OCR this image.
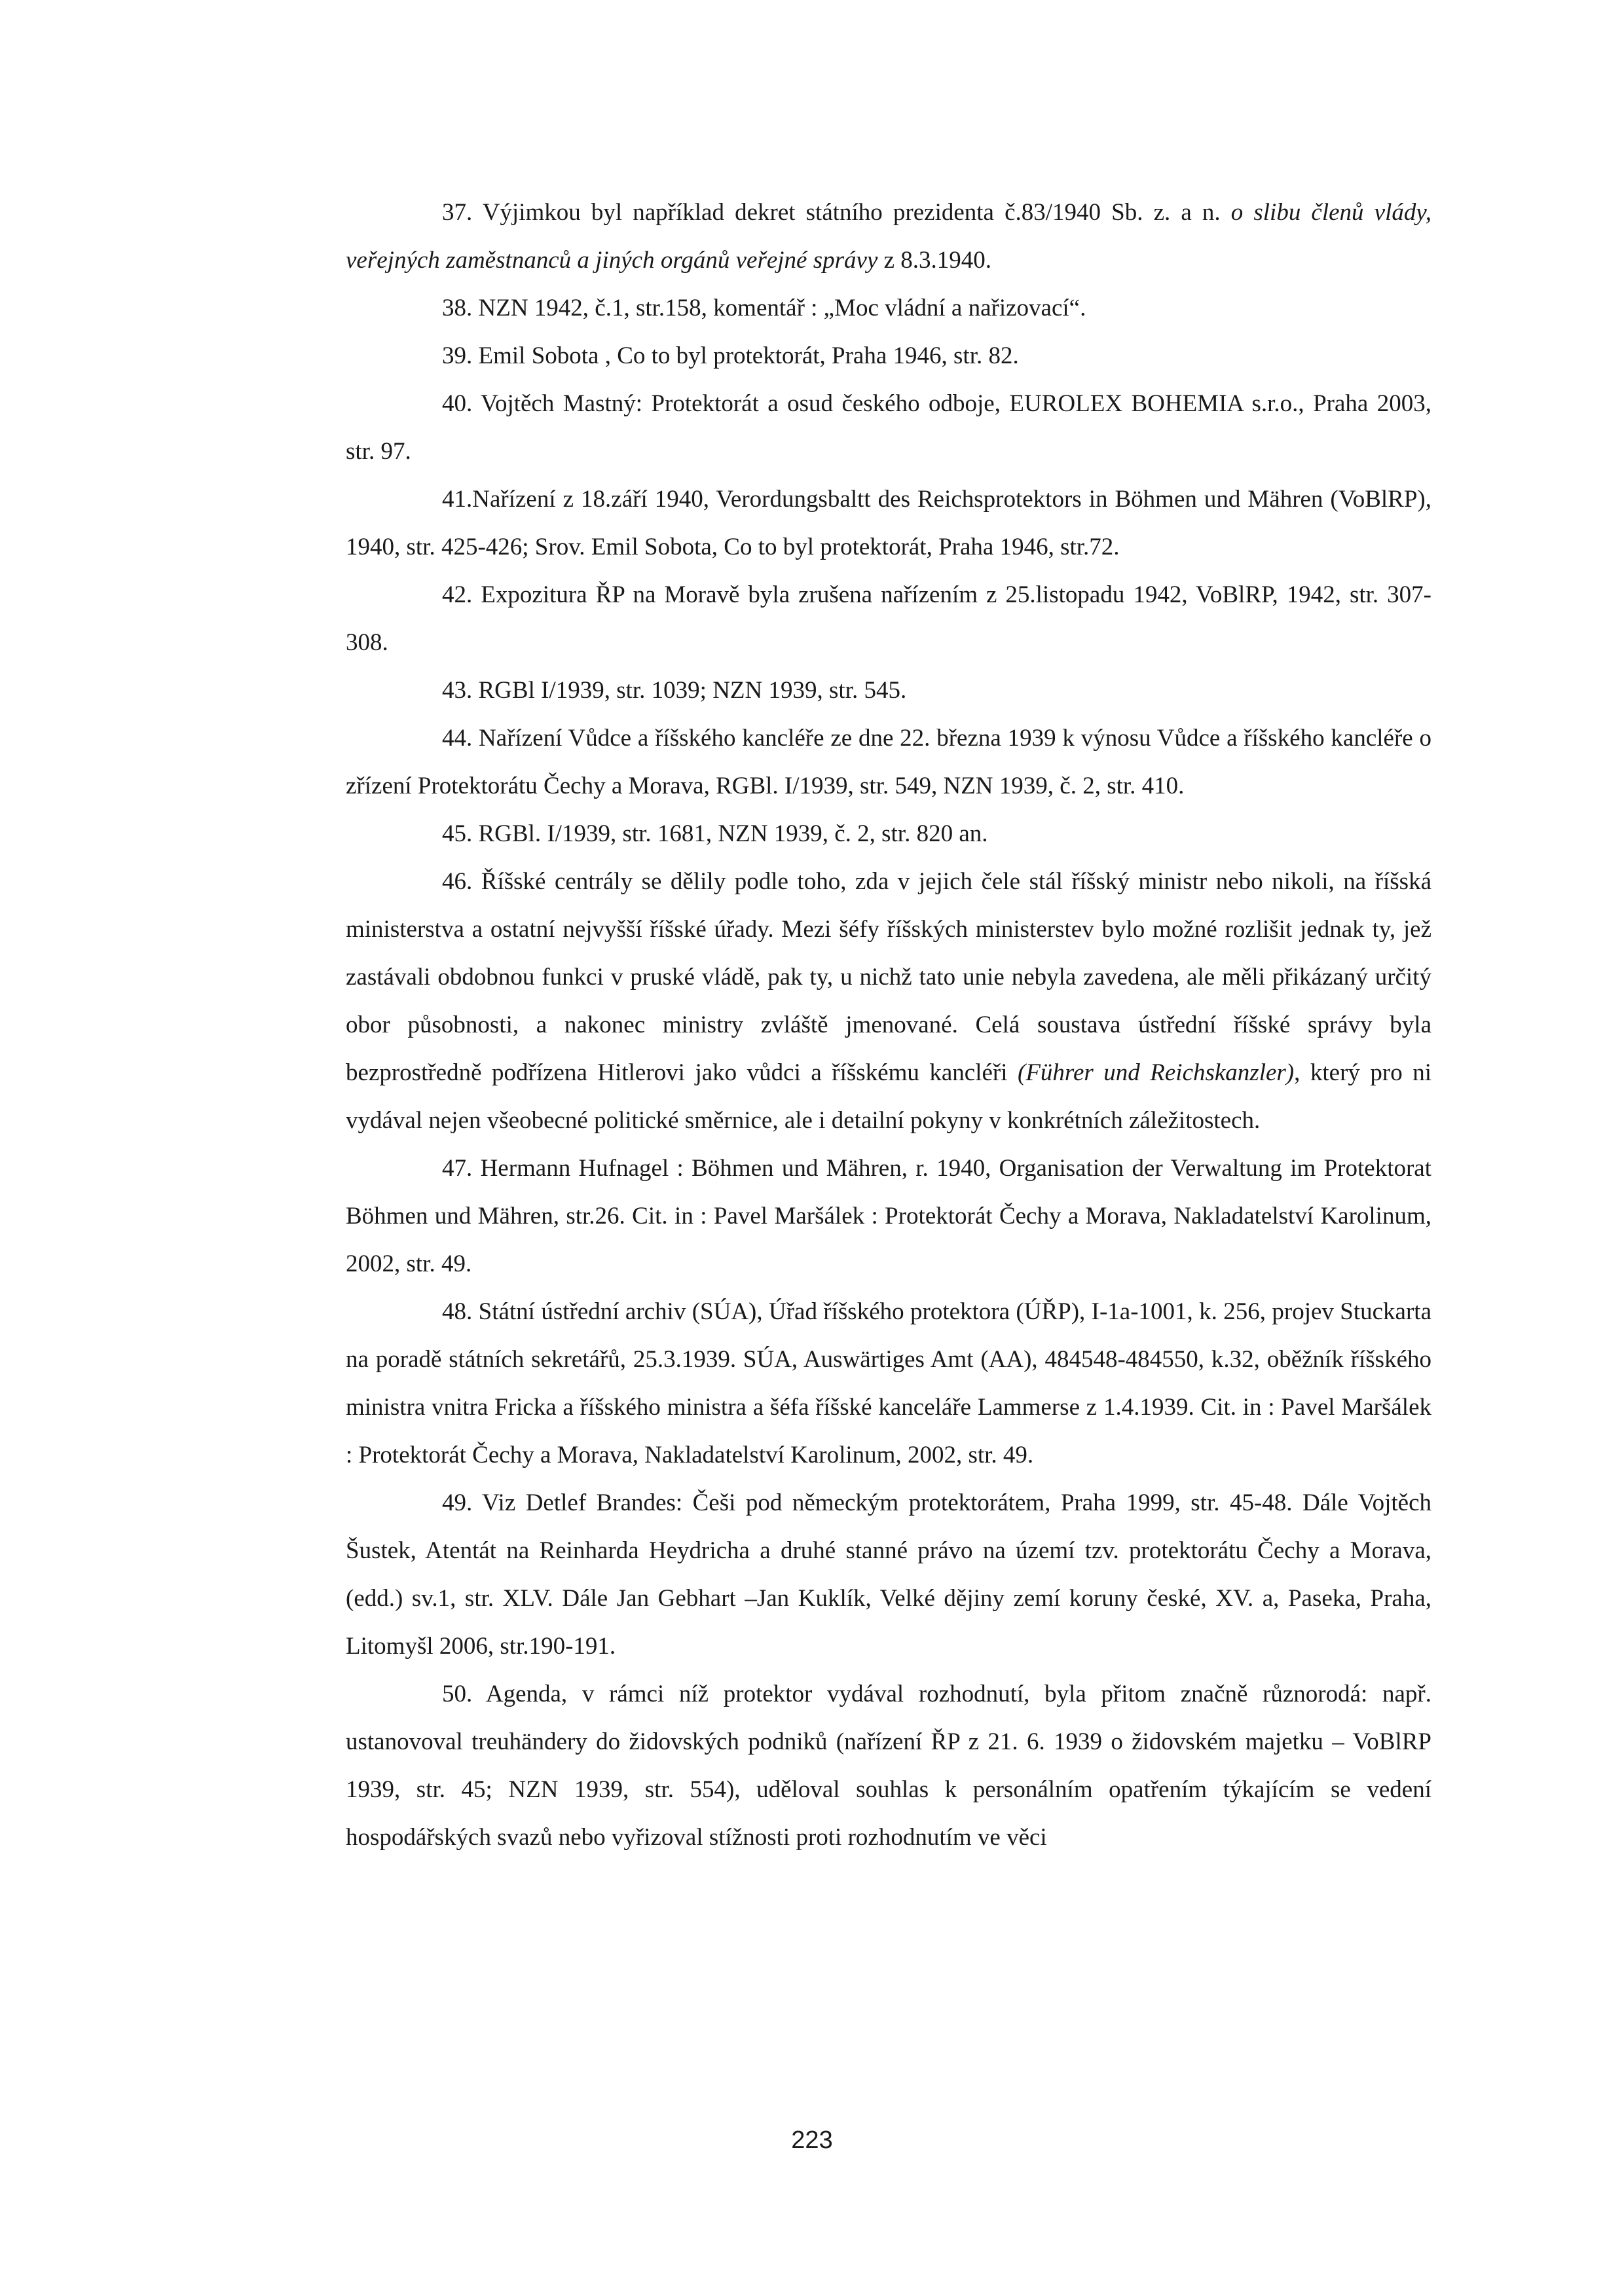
37. Výjimkou byl například dekret státního prezidenta č.83/1940 Sb. z. a n. o slibu členů vlády, veřejných zaměstnanců a jiných orgánů veřejné správy z 8.3.1940.

38. NZN 1942, č.1, str.158, komentář : „Moc vládní a nařizovací“.

39. Emil Sobota , Co to byl protektorát, Praha 1946, str. 82.

40. Vojtěch Mastný: Protektorát a osud českého odboje, EUROLEX BOHEMIA s.r.o., Praha 2003, str. 97.

41.Nařízení z 18.září 1940, Verordungsbaltt des Reichsprotektors in Böhmen und Mähren (VoBlRP), 1940, str. 425-426; Srov. Emil Sobota, Co to byl protektorát, Praha 1946, str.72.

42. Expozitura ŘP na Moravě byla zrušena nařízením z 25.listopadu 1942, VoBlRP, 1942, str. 307-308.

43. RGBl I/1939, str. 1039; NZN 1939, str. 545.

44. Nařízení Vůdce a říšského kancléře ze dne 22. března 1939 k výnosu Vůdce a říšského kancléře o zřízení Protektorátu Čechy a Morava, RGBl. I/1939, str. 549, NZN 1939, č. 2, str. 410.

45. RGBl. I/1939, str. 1681, NZN 1939, č. 2, str. 820 an.

46. Říšské centrály se dělily podle toho, zda v jejich čele stál říšský ministr nebo nikoli, na říšská ministerstva a ostatní nejvyšší říšské úřady. Mezi šéfy říšských ministerstev bylo možné rozlišit jednak ty, jež zastávali obdobnou funkci v pruské vládě, pak ty, u nichž tato unie nebyla zavedena, ale měli přikázaný určitý obor působnosti, a nakonec ministry zvláště jmenované. Celá soustava ústřední říšské správy byla bezprostředně podřízena Hitlerovi jako vůdci a říšskému kancléři (Führer und Reichskanzler), který pro ni vydával nejen všeobecné politické směrnice, ale i detailní pokyny v konkrétních záležitostech.

47. Hermann Hufnagel : Böhmen und Mähren, r. 1940, Organisation der Verwaltung im Protektorat Böhmen und Mähren, str.26. Cit. in : Pavel Maršálek : Protektorát Čechy a Morava, Nakladatelství Karolinum, 2002, str. 49.

48. Státní ústřední archiv (SÚA), Úřad říšského protektora (ÚŘP), I-1a-1001, k. 256, projev Stuckarta na poradě státních sekretářů, 25.3.1939. SÚA, Auswärtiges Amt (AA), 484548-484550, k.32, oběžník říšského ministra vnitra Fricka a říšského ministra a šéfa říšské kanceláře Lammerse z 1.4.1939. Cit. in : Pavel Maršálek : Protektorát Čechy a Morava, Nakladatelství Karolinum, 2002, str. 49.

49. Viz Detlef Brandes: Češi pod německým protektorátem, Praha 1999, str. 45-48. Dále Vojtěch Šustek, Atentát na Reinharda Heydricha a druhé stanné právo na území tzv. protektorátu Čechy a Morava, (edd.) sv.1, str. XLV. Dále Jan Gebhart –Jan Kuklík, Velké dějiny zemí koruny české, XV. a, Paseka, Praha, Litomyšl 2006, str.190-191.

50. Agenda, v rámci níž protektor vydával rozhodnutí, byla přitom značně různorodá: např. ustanovoval treuhändery do židovských podniků (nařízení ŘP z 21. 6. 1939 o židovském majetku – VoBlRP 1939, str. 45; NZN 1939, str. 554), uděloval souhlas k personálním opatřením týkajícím se vedení hospodářských svazů nebo vyřizoval stížnosti proti rozhodnutím ve věci

223
